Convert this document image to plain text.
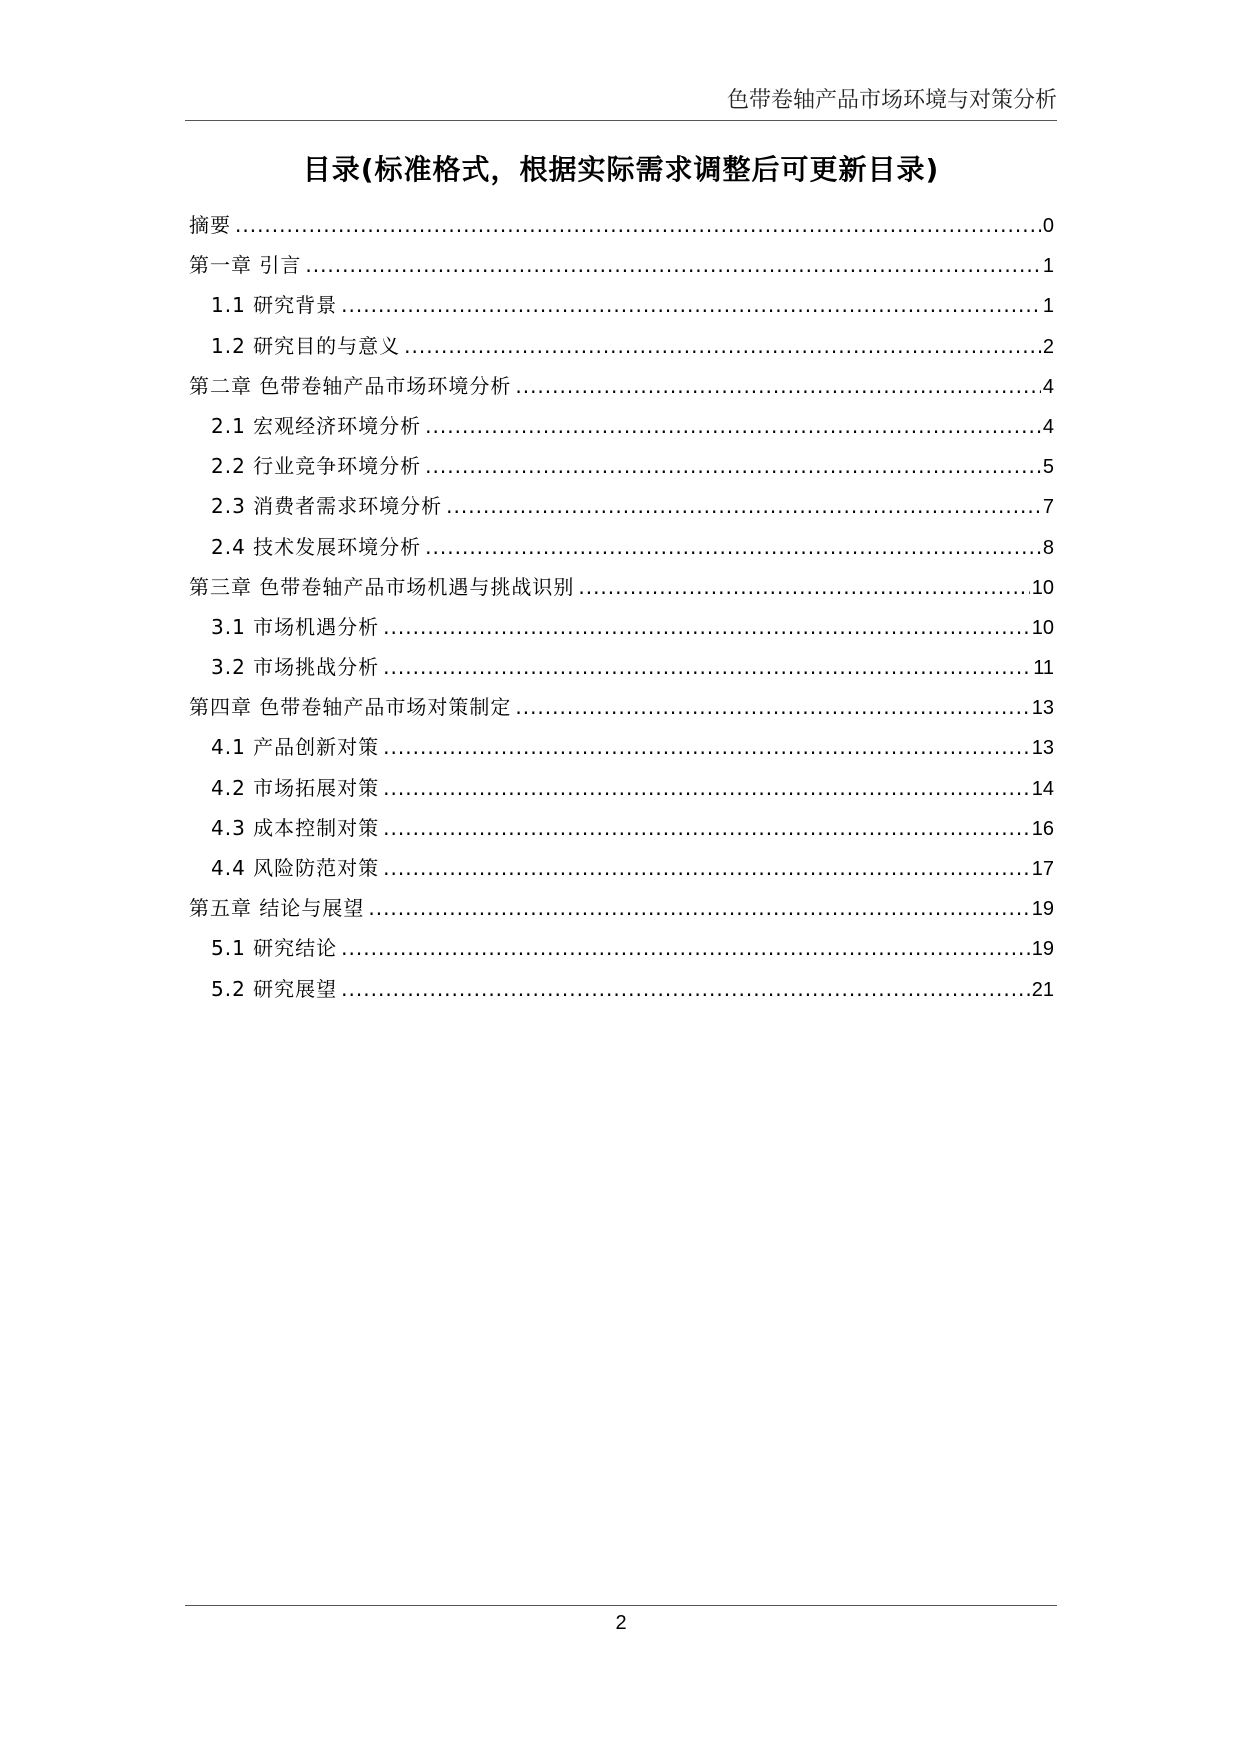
色带卷轴产品市场环境与对策分析
目录(标准格式，根据实际需求调整后可更新目录)
摘要 .....	0
第一章 引言 .....	1
1.1 研究背景 .....	1
1.2 研究目的与意义 .....	2
第二章 色带卷轴产品市场环境分析 .....	4
2.1 宏观经济环境分析 .....	4
2.2 行业竞争环境分析 .....	5
2.3 消费者需求环境分析 .....	7
2.4 技术发展环境分析 .....	8
第三章 色带卷轴产品市场机遇与挑战识别 .....	10
3.1 市场机遇分析 .....	10
3.2 市场挑战分析 .....	11
第四章 色带卷轴产品市场对策制定 .....	13
4.1 产品创新对策 .....	13
4.2 市场拓展对策 .....	14
4.3 成本控制对策 .....	16
4.4 风险防范对策 .....	17
第五章 结论与展望 .....	19
5.1 研究结论 .....	19
5.2 研究展望 .....	21
2
